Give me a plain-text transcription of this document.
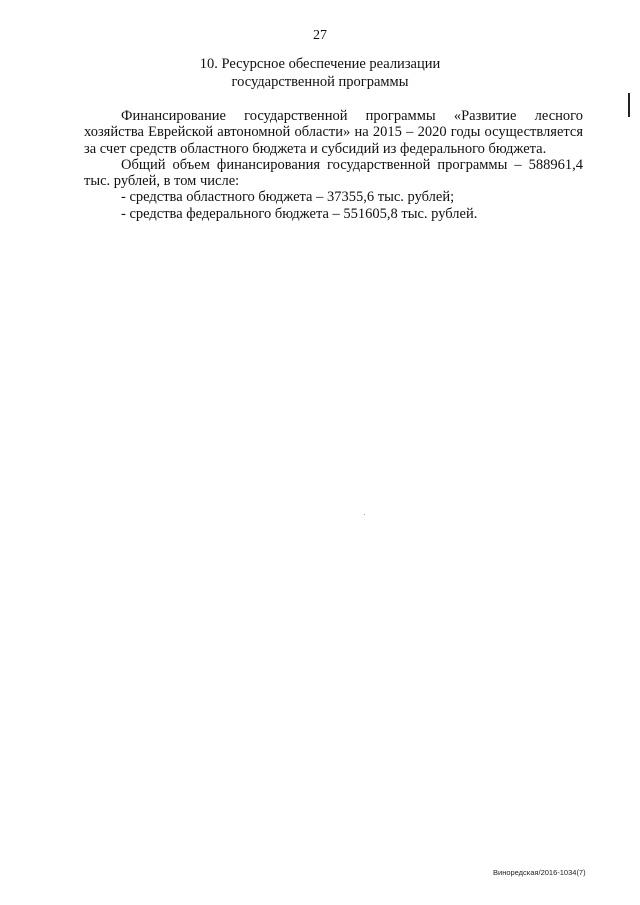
27
10. Ресурсное обеспечение реализации
государственной программы

Финансирование государственной программы «Развитие лесного хозяйства Еврейской автономной области» на 2015 – 2020 годы осуществляется за счет средств областного бюджета и субсидий из федерального бюджета.

Общий объем финансирования государственной программы – 588961,4 тыс. рублей, в том числе:

- средства областного бюджета – 37355,6 тыс. рублей;

- средства федерального бюджета – 551605,8 тыс. рублей.

Виноредская/2016-1034(7)
